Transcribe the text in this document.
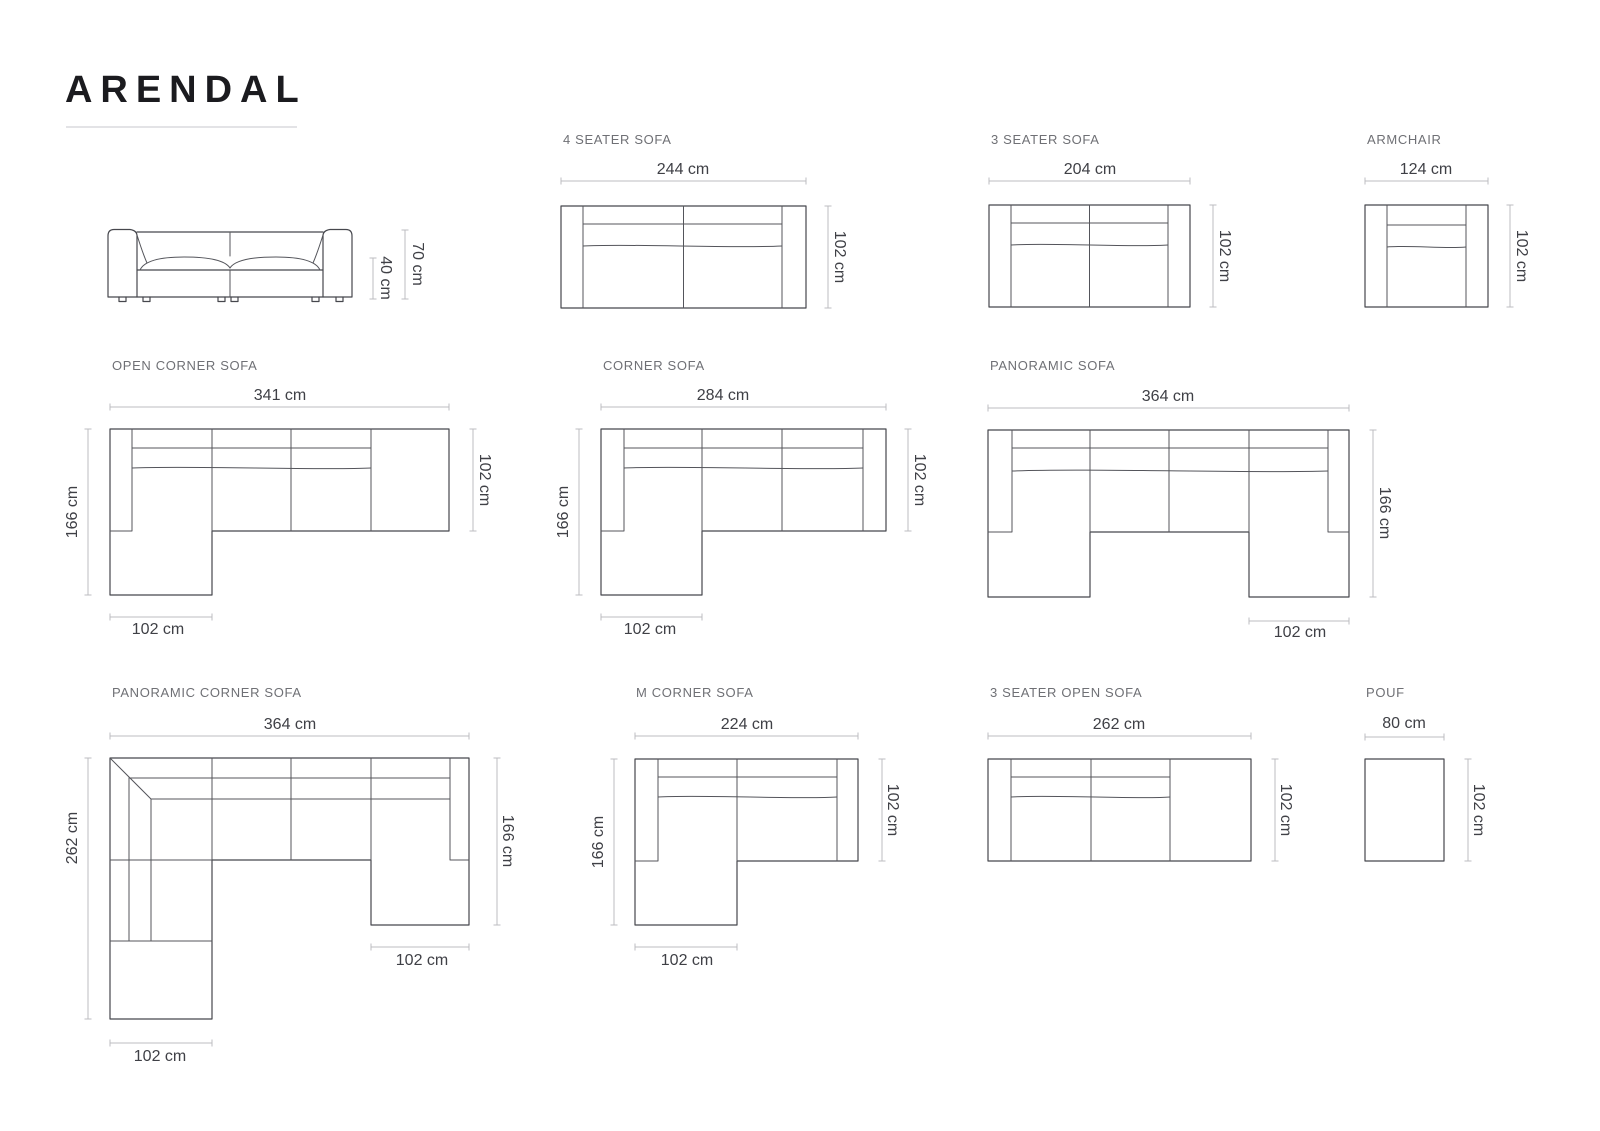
ARENDAL
40 cm 70 cm
4 SEATER SOFA
244 cm
102 cm
3 SEATER SOFA
204 cm
102 cm
ARMCHAIR
124 cm
102 cm
OPEN CORNER SOFA
341 cm
166 cm
102 cm
102 cm
CORNER SOFA
284 cm
166 cm
102 cm
102 cm
PANORAMIC SOFA
364 cm
166 cm
102 cm
PANORAMIC CORNER SOFA
364 cm
262 cm	166 cm
102 cm
102 cm
M CORNER SOFA
224 cm
166 cm
102 cm
102 cm
3 SEATER OPEN SOFA
262 cm
102 cm
POUF
80 cm
102 cm
